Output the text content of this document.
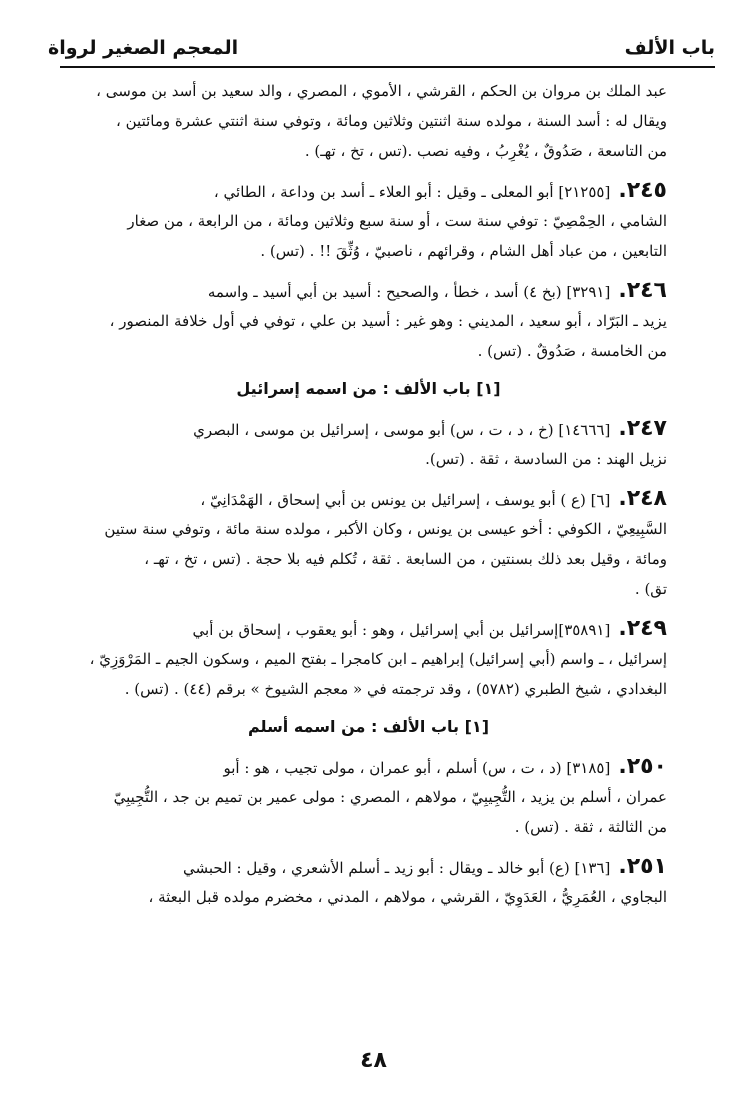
باب الألف
المعجم الصغير لرواة
عبد الملك بن مروان بن الحكم ، القرشي ، الأموي ، المصري ، والد سعيد بن أسد بن موسى ،
ويقال له : أسد السنة ، مولده سنة اثنتين وثلاثين ومائة ، وتوفي سنة اثنتي عشرة ومائتين ،
من التاسعة ، صَدُوقٌ ، يُغْرِبُ ، وفيه نصب .(تس ، تخ ، تهـ) .
٢٤٥.[٢١٢٥٥] أبو المعلى ـ وقيل : أبو العلاء ـ أسد بن وداعة ، الطائي ،
الشامي ، الحِمْصِيّ : توفي سنة ست ، أو سنة سبع وثلاثين ومائة ، من الرابعة ، من صغار
التابعين ، من عباد أهل الشام ، وقرائهم ، ناصبيّ ، وُثِّقَ !! . (تس) .
٢٤٦.[٣٢٩١] (بخ ٤) أسد ، خطأ ، والصحيح : أسيد بن أبي أسيد ـ واسمه
يزيد ـ البَرّاد ، أبو سعيد ، المديني : وهو غير : أسيد بن علي ، توفي في أول خلافة المنصور ،
من الخامسة ، صَدُوقٌ . (تس) .
[١] باب الألف : من اسمه إسرائيل
٢٤٧.[١٤٦٦٦] (خ ، د ، ت ، س) أبو موسى ، إسرائيل بن موسى ، البصري
نزيل الهند : من السادسة ، ثقة . (تس).
٢٤٨.[٦] (ع ) أبو يوسف ، إسرائيل بن يونس بن أبي إسحاق ، الهَمْدَانِيّ ،
السَّبِيعِيّ ، الكوفي : أخو عيسى بن يونس ، وكان الأكبر ، مولده سنة مائة ، وتوفي سنة ستين
ومائة ، وقيل بعد ذلك بسنتين ، من السابعة . ثقة ، تُكلم فيه بلا حجة . (تس ، تخ ، تهـ ،
تق) .
٢٤٩.[٣٥٨٩١]إسرائيل بن أبي إسرائيل ، وهو : أبو يعقوب ، إسحاق بن أبي
إسرائيل ، ـ واسم (أبي إسرائيل) إبراهيم ـ ابن كامجرا ـ بفتح الميم ، وسكون الجيم ـ المَرْوَزِيّ ،
البغدادي ، شيخ الطبري (٥٧٨٢) ، وقد ترجمته في « معجم الشيوخ » برقم (٤٤) . (تس) .
[١] باب الألف : من اسمه أسلم
٢٥٠.[٣١٨٥] (د ، ت ، س) أسلم ، أبو عمران ، مولى تجيب ، هو : أبو
عمران ، أسلم بن يزيد ، التُّجِيبِيّ ، مولاهم ، المصري : مولى عمير بن تميم بن جد ، التُّجِيبِيّ
من الثالثة ، ثقة . (تس) .
٢٥١.[١٣٦] (ع) أبو خالد ـ ويقال : أبو زيد ـ أسلم الأشعري ، وقيل : الحبشي
البجاوي ، العُمَرِيُّ ، العَدَوِيّ ، القرشي ، مولاهم ، المدني ، مخضرم مولده قبل البعثة ،
٤٨
